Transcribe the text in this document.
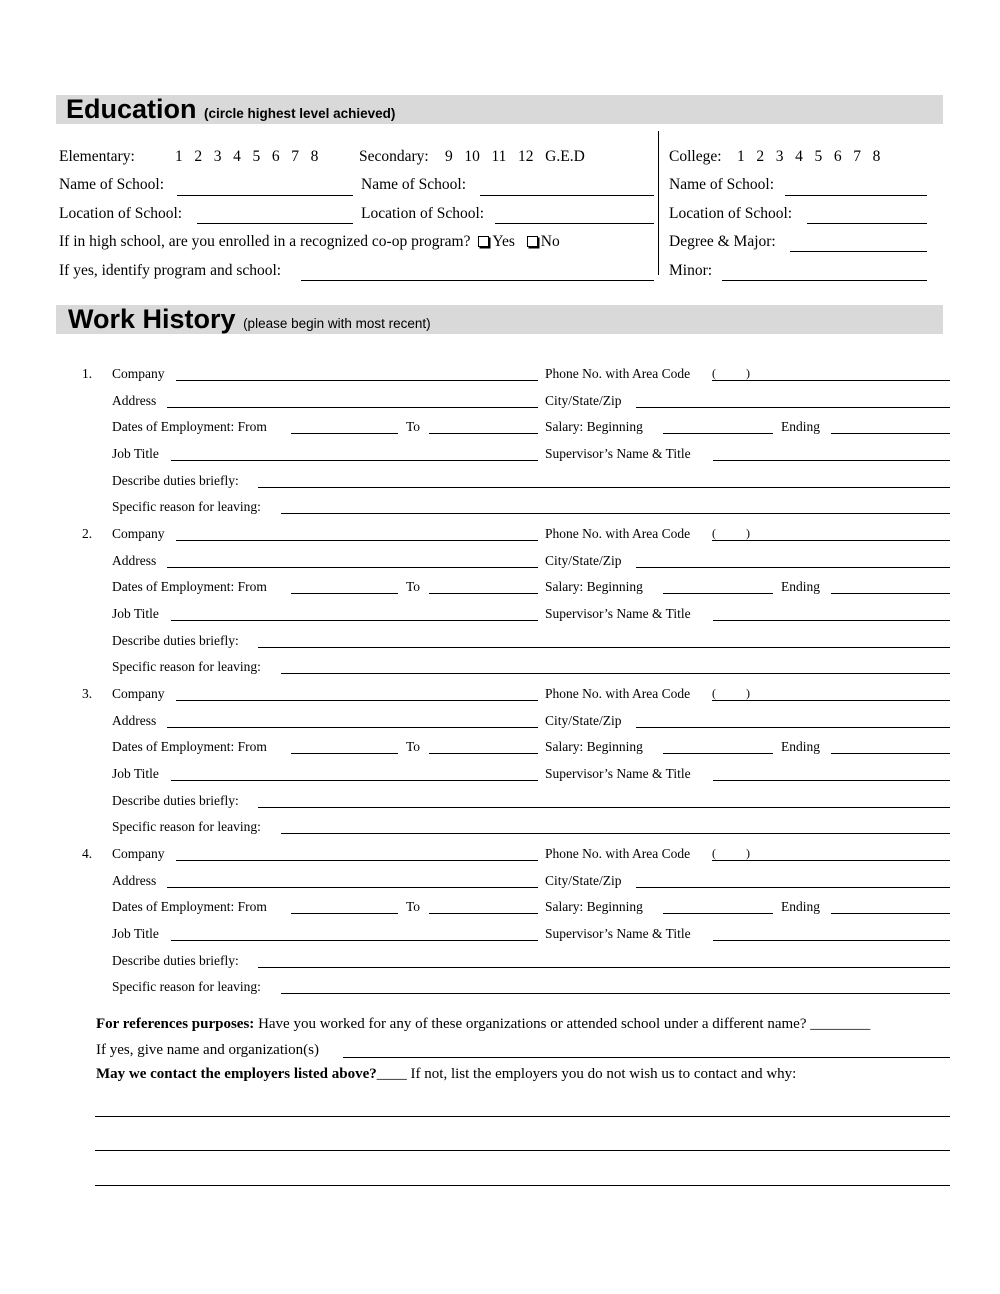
Education (circle highest level achieved)
Elementary:	1   2   3   4   5   6   7   8	Secondary: 9   10   11   12   G.E.D	College: 1   2   3   4   5   6   7   8
Name of School:	Name of School:	Name of School:
Location of School:	Location of School:	Location of School:
If in high school, are you enrolled in a recognized co-op program? Yes No	Degree & Major:
If yes, identify program and school:	Minor:
Work History (please begin with most recent)
1. Company	Phone No. with Area Code (          )
Address	City/State/Zip
Dates of Employment: From	To	Salary: Beginning	Ending
Job Title	Supervisor’s Name & Title
Describe duties briefly:
Specific reason for leaving:
2. Company	Phone No. with Area Code (          )
Address	City/State/Zip
Dates of Employment: From	To	Salary: Beginning	Ending
Job Title	Supervisor’s Name & Title
Describe duties briefly:
Specific reason for leaving:
3. Company	Phone No. with Area Code (          )
Address	City/State/Zip
Dates of Employment: From	To	Salary: Beginning	Ending
Job Title	Supervisor’s Name & Title
Describe duties briefly:
Specific reason for leaving:
4. Company	Phone No. with Area Code (          )
Address	City/State/Zip
Dates of Employment: From	To	Salary: Beginning	Ending
Job Title	Supervisor’s Name & Title
Describe duties briefly:
Specific reason for leaving:
For references purposes: Have you worked for any of these organizations or attended school under a different name? ________
If yes, give name and organization(s)
May we contact the employers listed above?____ If not, list the employers you do not wish us to contact and why:
